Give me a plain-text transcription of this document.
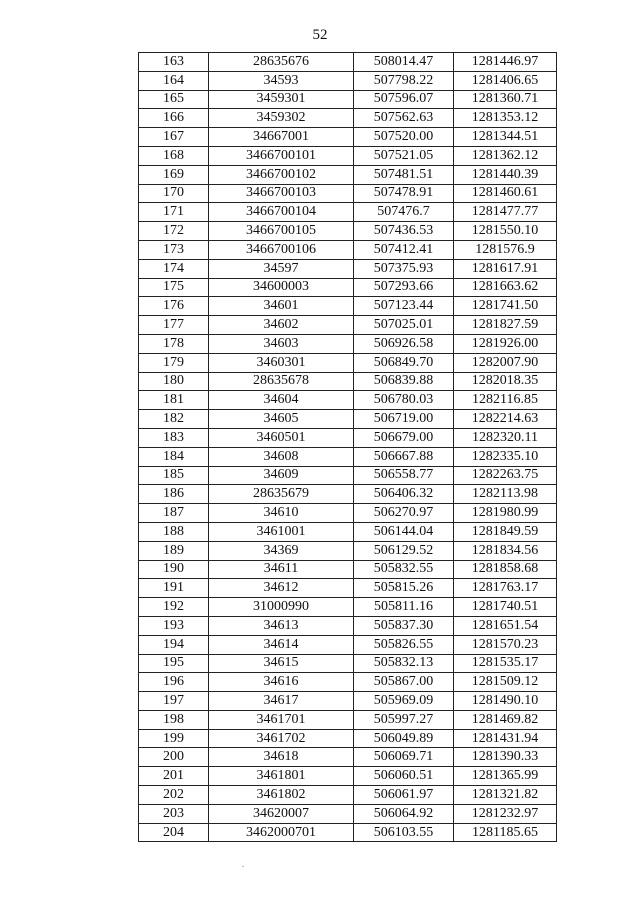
52
163	28635676	508014.47	1281446.97
164	34593	507798.22	1281406.65
165	3459301	507596.07	1281360.71
166	3459302	507562.63	1281353.12
167	34667001	507520.00	1281344.51
168	3466700101	507521.05	1281362.12
169	3466700102	507481.51	1281440.39
170	3466700103	507478.91	1281460.61
171	3466700104	507476.7	1281477.77
172	3466700105	507436.53	1281550.10
173	3466700106	507412.41	1281576.9
174	34597	507375.93	1281617.91
175	34600003	507293.66	1281663.62
176	34601	507123.44	1281741.50
177	34602	507025.01	1281827.59
178	34603	506926.58	1281926.00
179	3460301	506849.70	1282007.90
180	28635678	506839.88	1282018.35
181	34604	506780.03	1282116.85
182	34605	506719.00	1282214.63
183	3460501	506679.00	1282320.11
184	34608	506667.88	1282335.10
185	34609	506558.77	1282263.75
186	28635679	506406.32	1282113.98
187	34610	506270.97	1281980.99
188	3461001	506144.04	1281849.59
189	34369	506129.52	1281834.56
190	34611	505832.55	1281858.68
191	34612	505815.26	1281763.17
192	31000990	505811.16	1281740.51
193	34613	505837.30	1281651.54
194	34614	505826.55	1281570.23
195	34615	505832.13	1281535.17
196	34616	505867.00	1281509.12
197	34617	505969.09	1281490.10
198	3461701	505997.27	1281469.82
199	3461702	506049.89	1281431.94
200	34618	506069.71	1281390.33
201	3461801	506060.51	1281365.99
202	3461802	506061.97	1281321.82
203	34620007	506064.92	1281232.97
204	3462000701	506103.55	1281185.65
